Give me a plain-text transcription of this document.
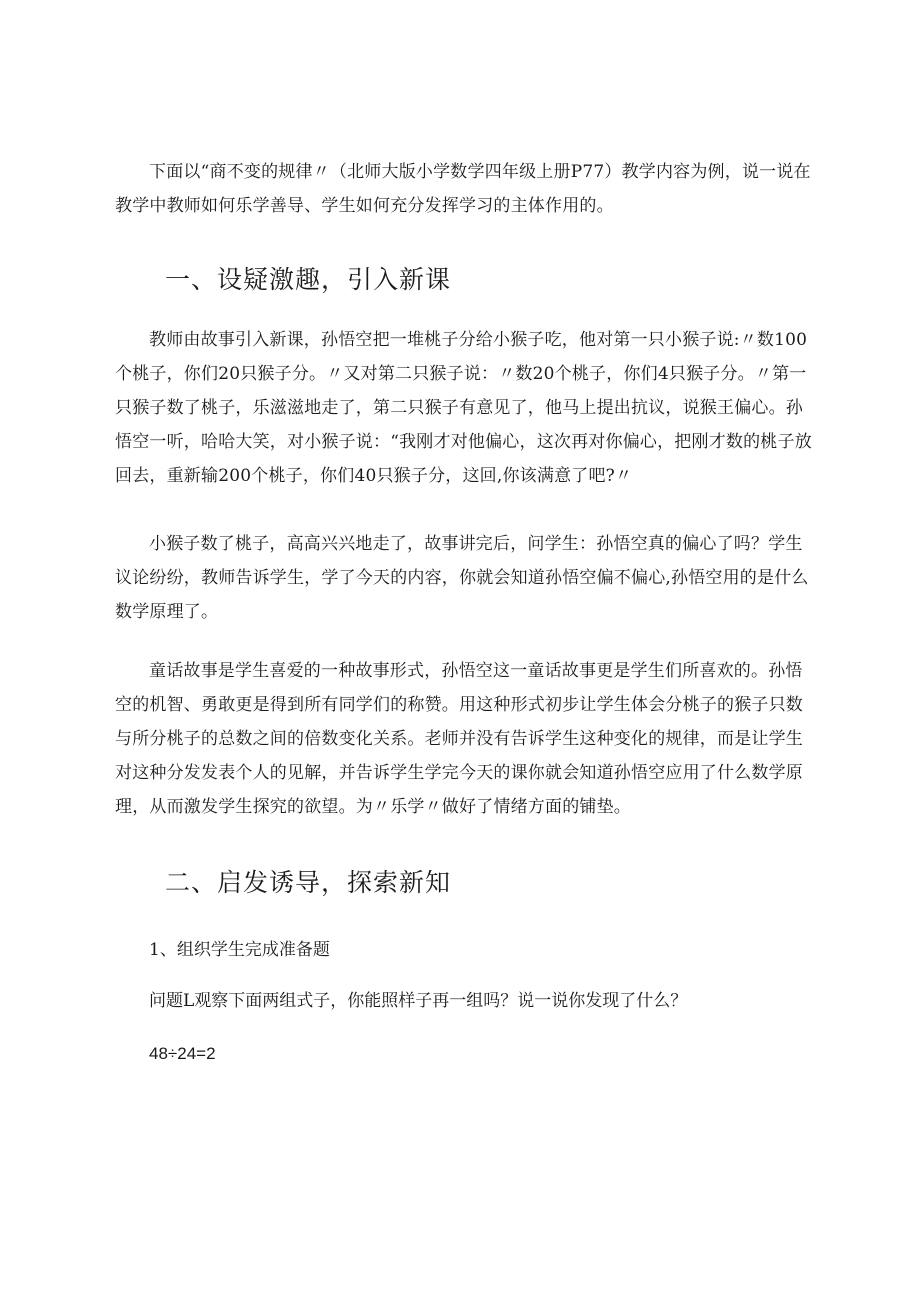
下面以“商不变的规律〃（北师大版小学数学四年级上册P77）教学内容为例，说一说在教学中教师如何乐学善导、学生如何充分发挥学习的主体作用的。

一、设疑激趣，引入新课

教师由故事引入新课，孙悟空把一堆桃子分给小猴子吃，他对第一只小猴子说:〃数100个桃子，你们20只猴子分。〃又对第二只猴子说：〃数20个桃子，你们4只猴子分。〃第一只猴子数了桃子，乐滋滋地走了，第二只猴子有意见了，他马上提出抗议，说猴王偏心。孙悟空一听，哈哈大笑，对小猴子说：“我刚才对他偏心，这次再对你偏心，把刚才数的桃子放回去，重新输200个桃子，你们40只猴子分，这回,你该满意了吧?〃

小猴子数了桃子，高高兴兴地走了，故事讲完后，问学生：孙悟空真的偏心了吗？学生议论纷纷，教师告诉学生，学了今天的内容，你就会知道孙悟空偏不偏心,孙悟空用的是什么数学原理了。

童话故事是学生喜爱的一种故事形式，孙悟空这一童话故事更是学生们所喜欢的。孙悟空的机智、勇敢更是得到所有同学们的称赞。用这种形式初步让学生体会分桃子的猴子只数与所分桃子的总数之间的倍数变化关系。老师并没有告诉学生这种变化的规律，而是让学生对这种分发发表个人的见解，并告诉学生学完今天的课你就会知道孙悟空应用了什么数学原理，从而激发学生探究的欲望。为〃乐学〃做好了情绪方面的铺垫。

二、启发诱导，探索新知

1、组织学生完成准备题

问题L观察下面两组式子，你能照样子再一组吗？说一说你发现了什么？

48÷24=2
